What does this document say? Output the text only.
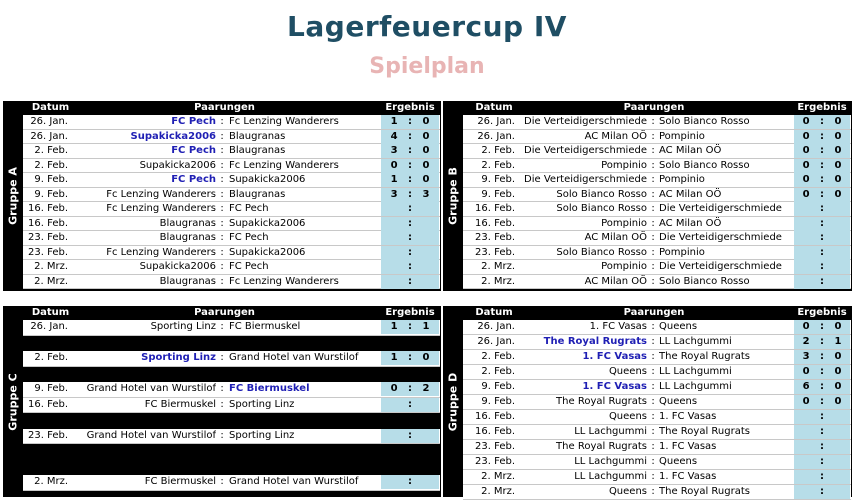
Lagerfeuercup IV
Spielplan
Gruppe A
Datum	Paarungen	Ergebnis
26. Jan.	FC Pech : Fc Lenzing Wanderers	1   :   0
26. Jan.	Supakicka2006 : Blaugranas	4   :   0
2. Feb.	FC Pech : Blaugranas	3   :   0
2. Feb.	Supakicka2006 : Fc Lenzing Wanderers	0   :   0
9. Feb.	FC Pech : Supakicka2006	1   :   0
9. Feb.	Fc Lenzing Wanderers : Blaugranas	3   :   3
16. Feb.	Fc Lenzing Wanderers : FC Pech	:
16. Feb.	Blaugranas : Supakicka2006	:
23. Feb.	Blaugranas : FC Pech	:
23. Feb.	Fc Lenzing Wanderers : Supakicka2006	:
2. Mrz.	Supakicka2006 : FC Pech	:
2. Mrz.	Blaugranas : Fc Lenzing Wanderers	:
Gruppe B
Datum	Paarungen	Ergebnis
26. Jan. Die Verteidigerschmiede : Solo Bianco Rosso	0   :   0
26. Jan.	AC Milan OÖ : Pompinio	0   :   0
2. Feb. Die Verteidigerschmiede : AC Milan OÖ	0   :   0
2. Feb.	Pompinio : Solo Bianco Rosso	0   :   0
9. Feb. Die Verteidigerschmiede : Pompinio	0   :   0
9. Feb.	Solo Bianco Rosso : AC Milan OÖ	0   :   0
16. Feb.	Solo Bianco Rosso : Die Verteidigerschmiede	:
16. Feb.	Pompinio : AC Milan OÖ	:
23. Feb.	AC Milan OÖ : Die Verteidigerschmiede	:
23. Feb.	Solo Bianco Rosso : Pompinio	:
2. Mrz.	Pompinio : Die Verteidigerschmiede	:
2. Mrz.	AC Milan OÖ : Solo Bianco Rosso	:
Gruppe C
Datum	Paarungen	Ergebnis
26. Jan.	Sporting Linz : FC Biermuskel	1   :   1
2. Feb.	Sporting Linz : Grand Hotel van Wurstilof	1   :   0
9. Feb.	Grand Hotel van Wurstilof : FC Biermuskel	0   :   2
16. Feb.	FC Biermuskel : Sporting Linz	:
23. Feb.	Grand Hotel van Wurstilof : Sporting Linz	:
2. Mrz.	FC Biermuskel : Grand Hotel van Wurstilof	:
Gruppe D
Datum	Paarungen	Ergebnis
26. Jan.	1. FC Vasas : Queens	0   :   0
26. Jan.	The Royal Rugrats : LL Lachgummi	2   :   1
2. Feb.	1. FC Vasas : The Royal Rugrats	3   :   0
2. Feb.	Queens : LL Lachgummi	0   :   0
9. Feb.	1. FC Vasas : LL Lachgummi	6   :   0
9. Feb.	The Royal Rugrats : Queens	0   :   0
16. Feb.	Queens : 1. FC Vasas	:
16. Feb.	LL Lachgummi : The Royal Rugrats	:
23. Feb.	The Royal Rugrats : 1. FC Vasas	:
23. Feb.	LL Lachgummi : Queens	:
2. Mrz.	LL Lachgummi : 1. FC Vasas	:
2. Mrz.	Queens : The Royal Rugrats	:
